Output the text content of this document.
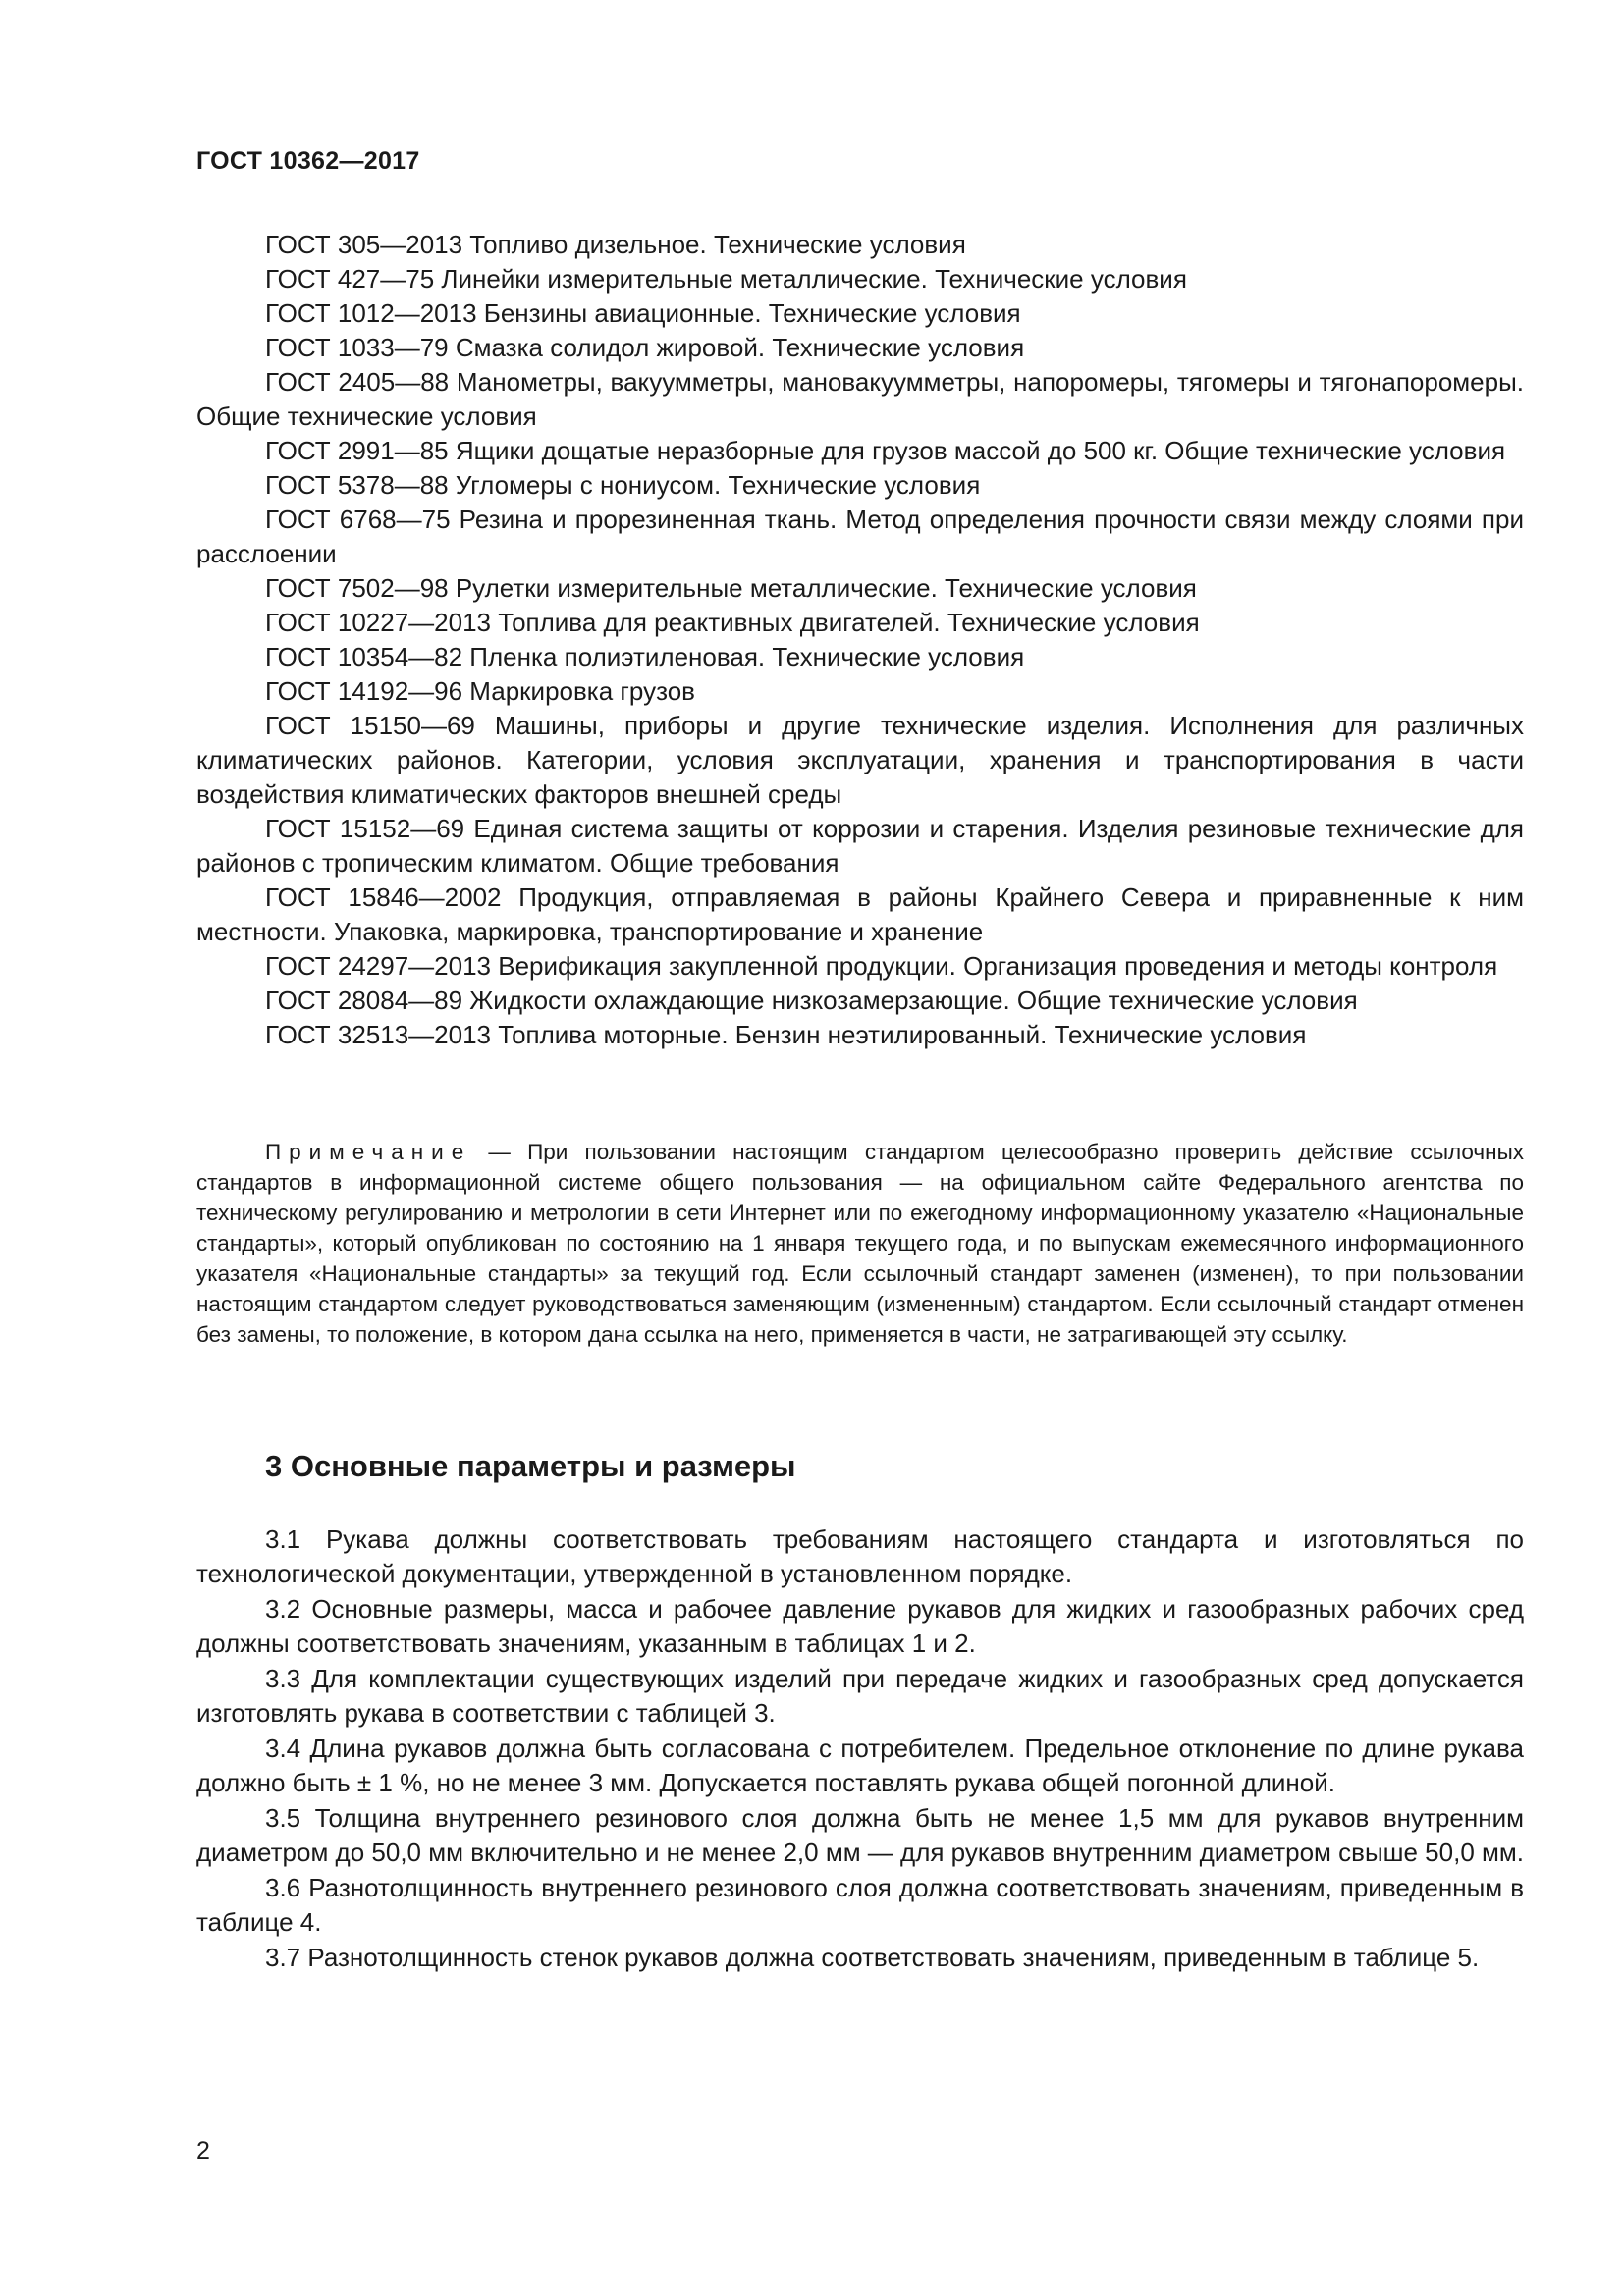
ГОСТ 10362—2017

ГОСТ 305—2013 Топливо дизельное. Технические условия

ГОСТ 427—75 Линейки измерительные металлические. Технические условия

ГОСТ 1012—2013 Бензины авиационные. Технические условия

ГОСТ 1033—79 Смазка солидол жировой. Технические условия

ГОСТ 2405—88 Манометры, вакуумметры, мановакуумметры, напоромеры, тягомеры и тягонапоромеры. Общие технические условия

ГОСТ 2991—85 Ящики дощатые неразборные для грузов массой до 500 кг. Общие технические условия

ГОСТ 5378—88 Угломеры с нониусом. Технические условия

ГОСТ 6768—75 Резина и прорезиненная ткань. Метод определения прочности связи между слоями при расслоении

ГОСТ 7502—98 Рулетки измерительные металлические. Технические условия

ГОСТ 10227—2013 Топлива для реактивных двигателей. Технические условия

ГОСТ 10354—82 Пленка полиэтиленовая. Технические условия

ГОСТ 14192—96 Маркировка грузов

ГОСТ 15150—69 Машины, приборы и другие технические изделия. Исполнения для различных климатических районов. Категории, условия эксплуатации, хранения и транспортирования в части воздействия климатических факторов внешней среды

ГОСТ 15152—69 Единая система защиты от коррозии и старения. Изделия резиновые технические для районов с тропическим климатом. Общие требования

ГОСТ 15846—2002 Продукция, отправляемая в районы Крайнего Севера и приравненные к ним местности. Упаковка, маркировка, транспортирование и хранение

ГОСТ 24297—2013 Верификация закупленной продукции. Организация проведения и методы контроля

ГОСТ 28084—89 Жидкости охлаждающие низкозамерзающие. Общие технические условия

ГОСТ 32513—2013 Топлива моторные. Бензин неэтилированный. Технические условия

Примечание — При пользовании настоящим стандартом целесообразно проверить действие ссылочных стандартов в информационной системе общего пользования — на официальном сайте Федерального агентства по техническому регулированию и метрологии в сети Интернет или по ежегодному информационному указателю «Национальные стандарты», который опубликован по состоянию на 1 января текущего года, и по выпускам ежемесячного информационного указателя «Национальные стандарты» за текущий год. Если ссылочный стандарт заменен (изменен), то при пользовании настоящим стандартом следует руководствоваться заменяющим (измененным) стандартом. Если ссылочный стандарт отменен без замены, то положение, в котором дана ссылка на него, применяется в части, не затрагивающей эту ссылку.

3 Основные параметры и размеры

3.1 Рукава должны соответствовать требованиям настоящего стандарта и изготовляться по технологической документации, утвержденной в установленном порядке.

3.2 Основные размеры, масса и рабочее давление рукавов для жидких и газообразных рабочих сред должны соответствовать значениям, указанным в таблицах 1 и 2.

3.3 Для комплектации существующих изделий при передаче жидких и газообразных сред допускается изготовлять рукава в соответствии с таблицей 3.

3.4 Длина рукавов должна быть согласована с потребителем. Предельное отклонение по длине рукава должно быть ± 1 %, но не менее 3 мм. Допускается поставлять рукава общей погонной длиной.

3.5 Толщина внутреннего резинового слоя должна быть не менее 1,5 мм для рукавов внутренним диаметром до 50,0 мм включительно и не менее 2,0 мм — для рукавов внутренним диаметром свыше 50,0 мм.

3.6 Разнотолщинность внутреннего резинового слоя должна соответствовать значениям, приведенным в таблице 4.

3.7 Разнотолщинность стенок рукавов должна соответствовать значениям, приведенным в таблице 5.

2
